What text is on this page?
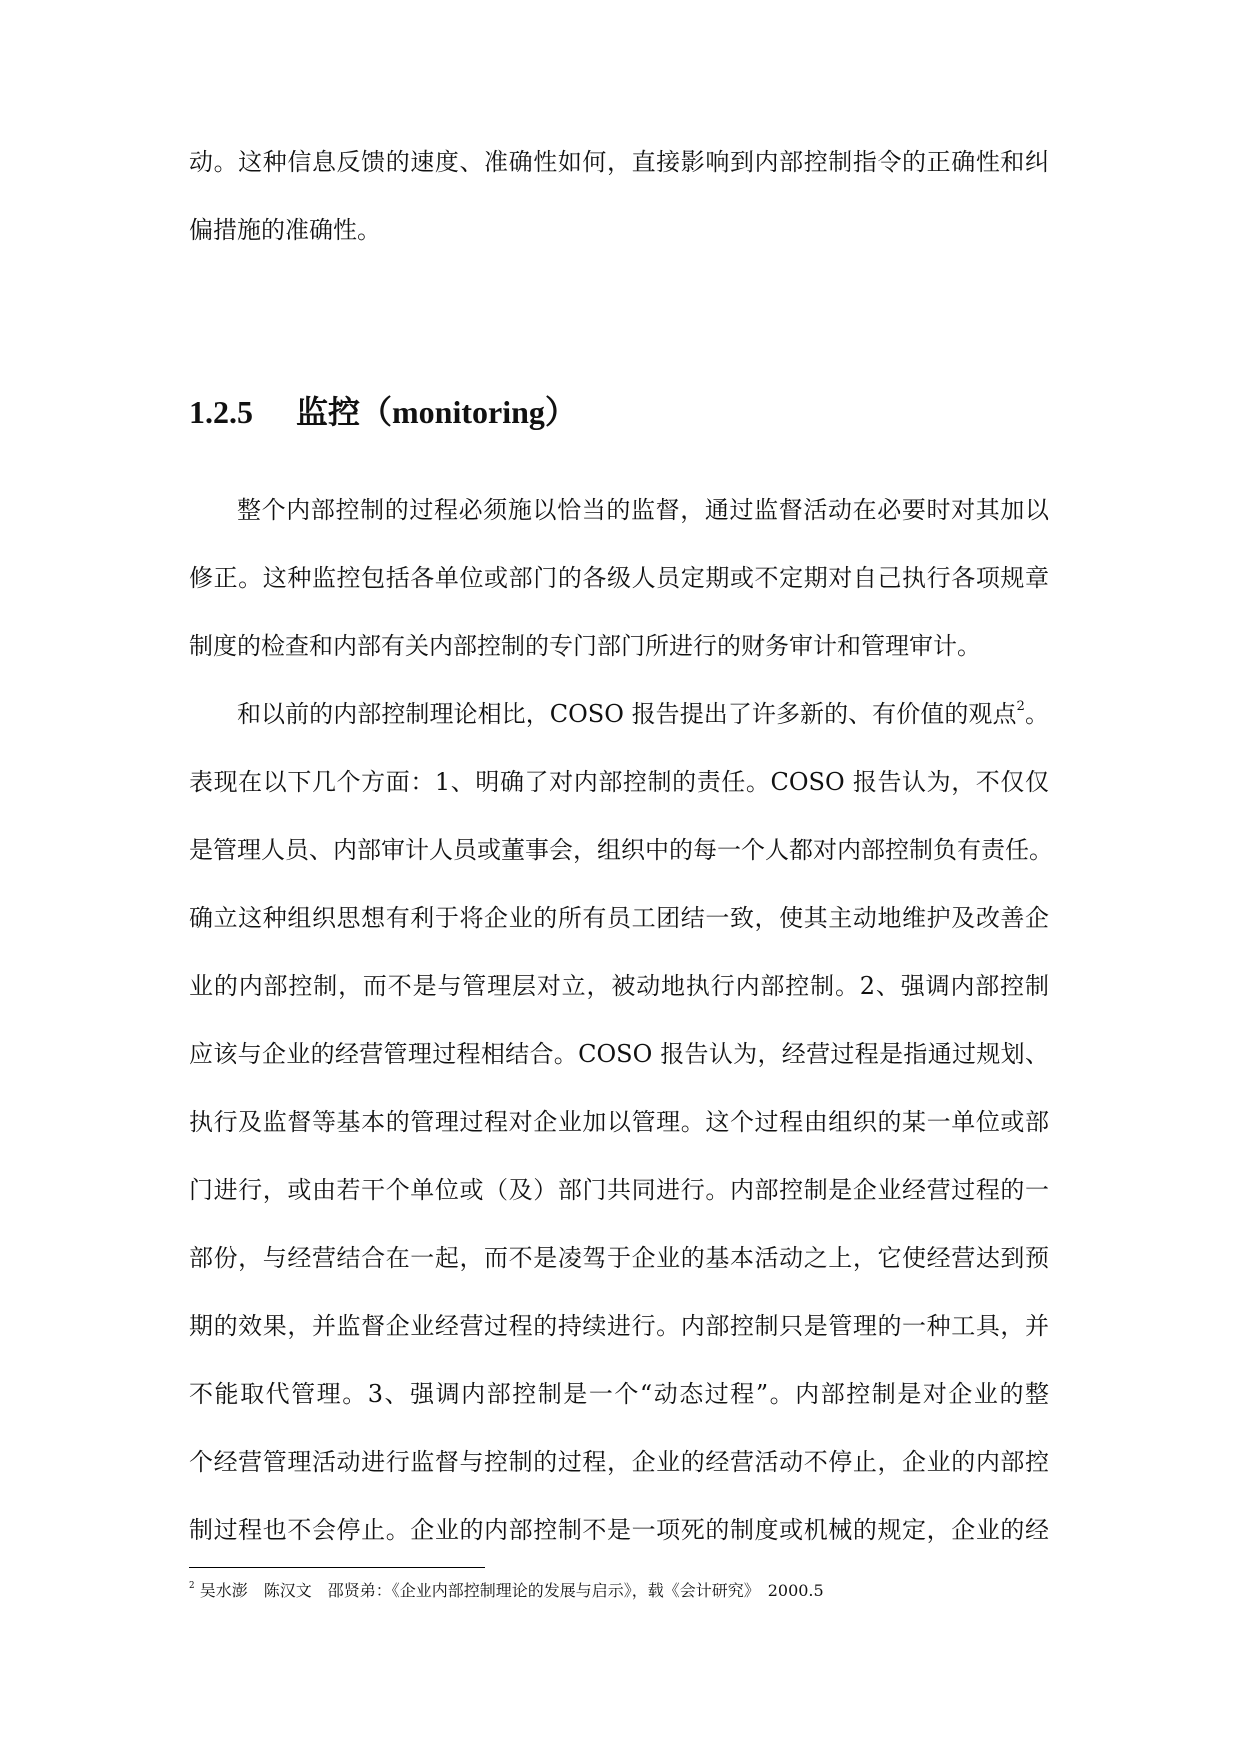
动。这种信息反馈的速度、准确性如何，直接影响到内部控制指令的正确性和纠
偏措施的准确性。

1.2.5 监控（monitoring）

整个内部控制的过程必须施以恰当的监督，通过监督活动在必要时对其加以
修正。这种监控包括各单位或部门的各级人员定期或不定期对自己执行各项规章
制度的检查和内部有关内部控制的专门部门所进行的财务审计和管理审计。

和以前的内部控制理论相比，COSO 报告提出了许多新的、有价值的观点$^2$。
表现在以下几个方面：1、明确了对内部控制的责任。COSO 报告认为，不仅仅
是管理人员、内部审计人员或董事会，组织中的每一个人都对内部控制负有责任。
确立这种组织思想有利于将企业的所有员工团结一致，使其主动地维护及改善企
业的内部控制，而不是与管理层对立，被动地执行内部控制。2、强调内部控制
应该与企业的经营管理过程相结合。COSO 报告认为，经营过程是指通过规划、
执行及监督等基本的管理过程对企业加以管理。这个过程由组织的某一单位或部
门进行，或由若干个单位或（及）部门共同进行。内部控制是企业经营过程的一
部份，与经营结合在一起，而不是凌驾于企业的基本活动之上，它使经营达到预
期的效果，并监督企业经营过程的持续进行。内部控制只是管理的一种工具，并
不能取代管理。3、强调内部控制是一个“动态过程”。内部控制是对企业的整
个经营管理活动进行监督与控制的过程，企业的经营活动不停止，企业的内部控
制过程也不会停止。企业的内部控制不是一项死的制度或机械的规定，企业的经

$^2$ 吴水澎　陈汉文　邵贤弟：《企业内部控制理论的发展与启示》，载《会计研究》　2000.5
